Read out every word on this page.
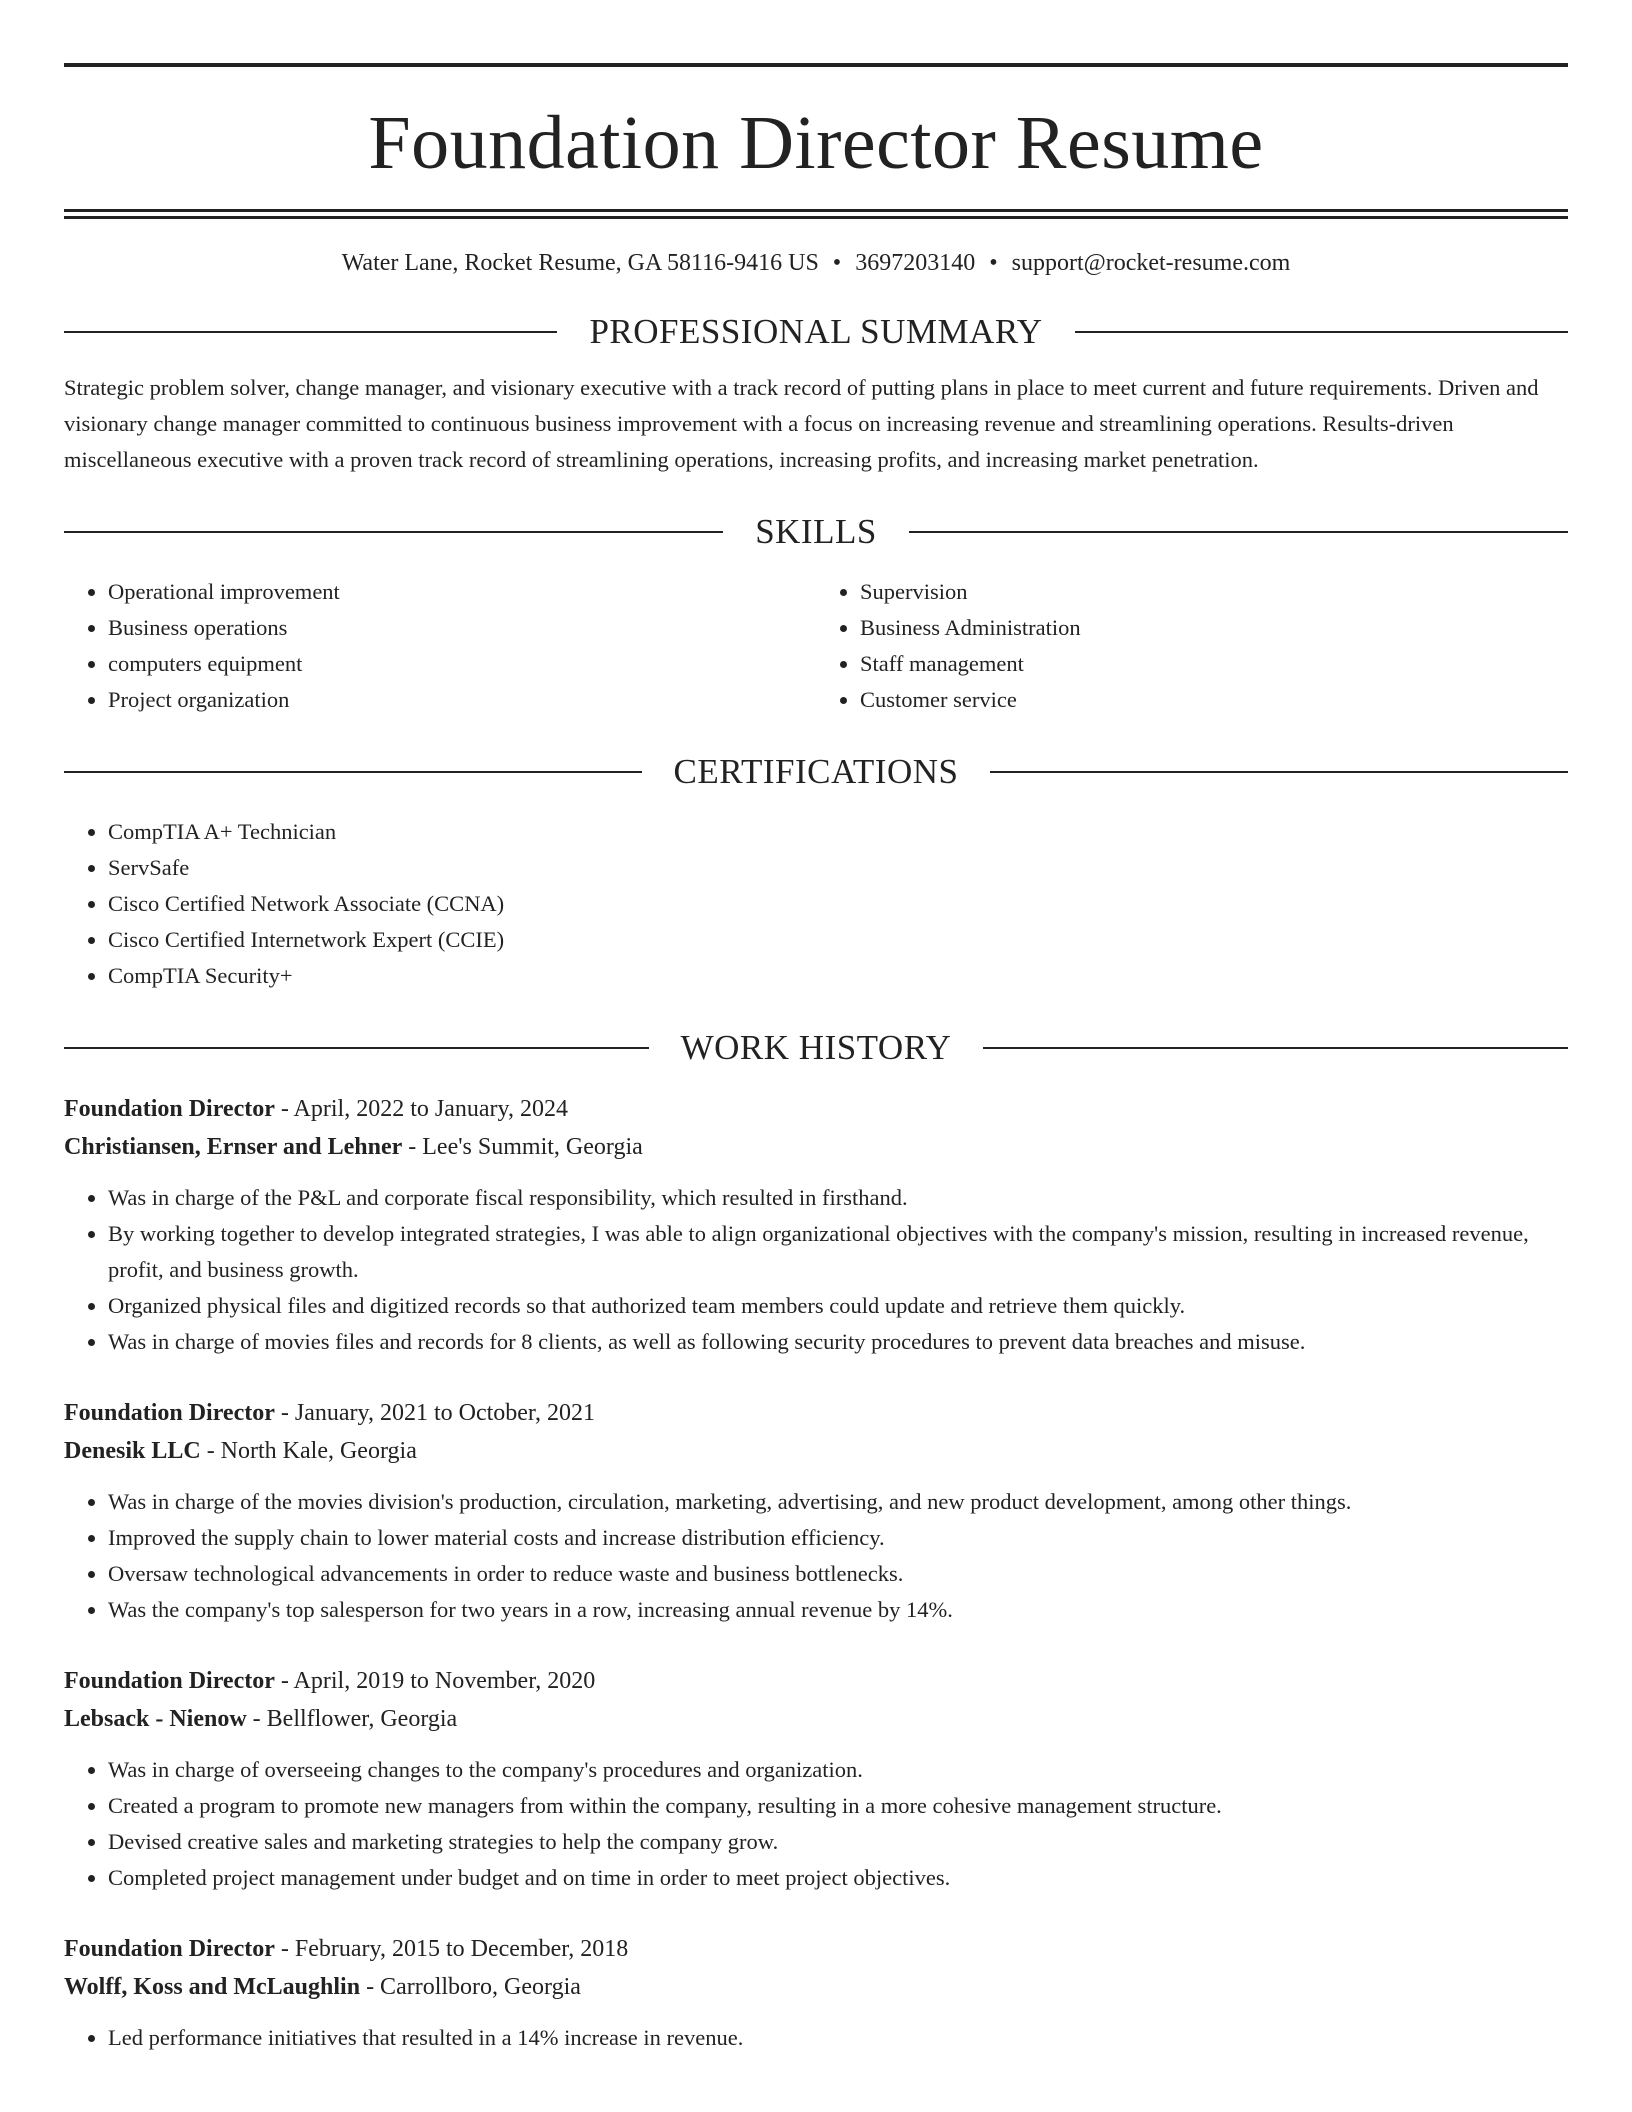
Foundation Director Resume
Water Lane, Rocket Resume, GA 58116-9416 US • 3697203140 • support@rocket-resume.com
PROFESSIONAL SUMMARY

Strategic problem solver, change manager, and visionary executive with a track record of putting plans in place to meet current and future requirements. Driven and visionary change manager committed to continuous business improvement with a focus on increasing revenue and streamlining operations. Results-driven miscellaneous executive with a proven track record of streamlining operations, increasing profits, and increasing market penetration.

SKILLS
• Operational improvement
• Business operations
• computers equipment
• Project organization
• Supervision
• Business Administration
• Staff management
• Customer service
CERTIFICATIONS
• CompTIA A+ Technician
• ServSafe
• Cisco Certified Network Associate (CCNA)
• Cisco Certified Internetwork Expert (CCIE)
• CompTIA Security+
WORK HISTORY
Foundation Director - April, 2022 to January, 2024
Christiansen, Ernser and Lehner - Lee's Summit, Georgia
• Was in charge of the P&L and corporate fiscal responsibility, which resulted in firsthand.
• By working together to develop integrated strategies, I was able to align organizational objectives with the company's mission, resulting in increased revenue, profit, and business growth.
• Organized physical files and digitized records so that authorized team members could update and retrieve them quickly.
• Was in charge of movies files and records for 8 clients, as well as following security procedures to prevent data breaches and misuse.
Foundation Director - January, 2021 to October, 2021
Denesik LLC - North Kale, Georgia
• Was in charge of the movies division's production, circulation, marketing, advertising, and new product development, among other things.
• Improved the supply chain to lower material costs and increase distribution efficiency.
• Oversaw technological advancements in order to reduce waste and business bottlenecks.
• Was the company's top salesperson for two years in a row, increasing annual revenue by 14%.
Foundation Director - April, 2019 to November, 2020
Lebsack - Nienow - Bellflower, Georgia
• Was in charge of overseeing changes to the company's procedures and organization.
• Created a program to promote new managers from within the company, resulting in a more cohesive management structure.
• Devised creative sales and marketing strategies to help the company grow.
• Completed project management under budget and on time in order to meet project objectives.
Foundation Director - February, 2015 to December, 2018
Wolff, Koss and McLaughlin - Carrollboro, Georgia
• Led performance initiatives that resulted in a 14% increase in revenue.
